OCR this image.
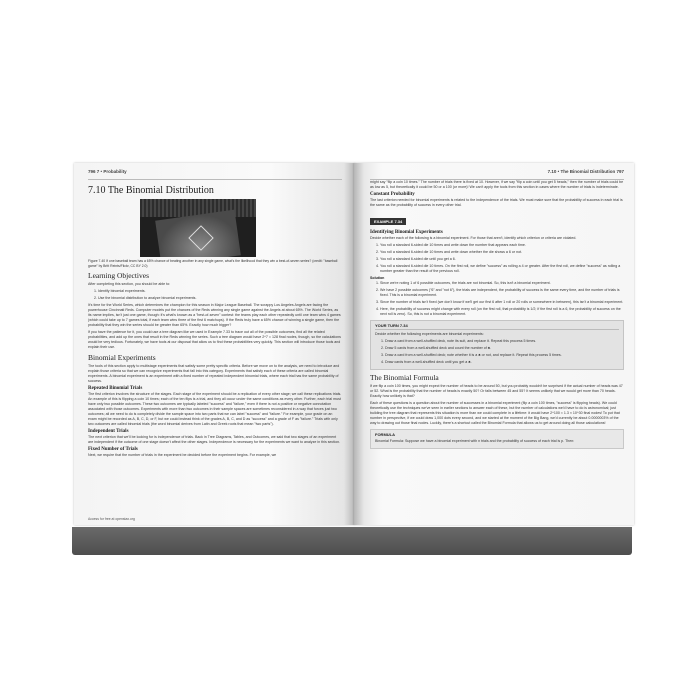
796 7 • Probability
7.10 The Binomial Distribution

Figure 7.40 If one baseball team has a 65% chance of beating another in any single game, what's the likelihood that they win a best-of-seven series? (credit: "baseball game" by Britt Reints/Flickr, CC BY 2.0)

Learning Objectives

After completing this section, you should be able to:

1. Identify binomial experiments.
2. Use the binomial distribution to analyze binomial experiments.

It's time for the World Series, which determines the champion for this season in Major League Baseball. The scrappy Los Angeles Angels are facing the powerhouse Cincinnati Reds. Computer models put the chances of the Reds winning any single game against the Angels at about 65%. The World Series, as its name implies, isn't just one game, though: it's what's known as a "best-of-seven" contest: the teams play each other repeatedly until one team wins 4 games (which could take up to 7 games total, if each team wins three of the first 6 matchups). If the Reds truly have a 65% chance of winning a single game, then the probability that they win the series should be greater than 65%. Exactly how much bigger?

If you have the patience for it, you could use a tree diagram like we used in Example 7.33 to trace out all of the possible outcomes, find all the related probabilities, and add up the ones that result in the Reds winning the series. Such a tree diagram would have 2^7 = 128 final nodes, though, so the calculations would be very tedious. Fortunately, we have tools at our disposal that allow us to find these probabilities very quickly. This section will introduce those tools and explain their use.

Binomial Experiments

The tools of this section apply to multistage experiments that satisfy some pretty specific criteria. Before we move on to the analysis, we need to introduce and explain those criteria so that we can recognize experiments that fall into this category. Experiments that satisfy each of these criteria are called binomial experiments. A binomial experiment is an experiment with a fixed number of repeated independent binomial trials, where each trial has the same probability of success.

Repeated Binomial Trials

The first criterion involves the structure of the stages. Each stage of the experiment should be a replication of every other stage; we call these replications trials. An example of this is flipping a coin 10 times; each of the ten flips is a trial, and they all occur under the same conditions as every other. Further, each trial must have only two possible outcomes. These two outcomes are typically labeled "success" and "failure," even if there is not a positive or negative connotation associated with those outcomes. Experiments with more than two outcomes in their sample spaces are sometimes reconsidered in a way that forces just two outcomes; all we need to do is completely divide the sample space into two parts that we can label "success" and "failure." For example, your grade on an exam might be recorded as A, B, C, D, or F, but we could instead think of the grades A, B, C, and D as "success" and a grade of F as "failure." Trials with only two outcomes are called binomial trials (the word binomial derives from Latin and Greek roots that mean "two parts").

Independent Trials

The next criterion that we'll be looking for is independence of trials. Back in Tree Diagrams, Tables, and Outcomes, we said that two stages of an experiment are independent if the outcome of one stage doesn't affect the other stages. Independence is necessary for the experiments we want to analyze in this section.

Fixed Number of Trials

Next, we require that the number of trials in the experiment be decided before the experiment begins. For example, we

Access for free at openstax.org
7.10 • The Binomial Distribution 797

might say "flip a coin 10 times." The number of trials there is fixed at 10. However, if we say "flip a coin until you get 5 heads," then the number of trials could be as low as 5, but theoretically it could be 50 or a 100 (or more)! We can't apply the tools from this section in cases where the number of trials is indeterminate.

Constant Probability

The last criterion needed for binomial experiments is related to the independence of the trials. We must make sure that the probability of success in each trial is the same as the probability of success in every other trial.

EXAMPLE 7.34
Identifying Binomial Experiments

Decide whether each of the following is a binomial experiment. For those that aren't, identify which criterion or criteria are violated.

1. You roll a standard 6-sided die 10 times and write down the number that appears each time.
2. You roll a standard 6-sided die 10 times and write down whether the die shows a 6 or not.
3. You roll a standard 6-sided die until you get a 6.
4. You roll a standard 6-sided die 10 times. On the first roll, we define "success" as rolling a 4 or greater. After the first roll, we define "success" as rolling a number greater than the result of the previous roll.
Solution
1. Since we're noting 1 of 6 possible outcomes, the trials are not binomial. So, this isn't a binomial experiment.
2. We have 2 possible outcomes ("6" and "not 6"), the trials are independent, the probability of success is the same every time, and the number of trials is fixed. This is a binomial experiment.
3. Since the number of trials isn't fixed (we don't know if we'll get our first 6 after 1 roll or 20 rolls or somewhere in between), this isn't a binomial experiment.
4. Here, the probability of success might change with every roll (on the first roll, that probability is 1/2; if the first roll is a 6, the probability of success on the next roll is zero). So, this is not a binomial experiment.
YOUR TURN 7.34

Decide whether the following experiments are binomial experiments:

1. Draw a card from a well-shuffled deck, note its suit, and replace it. Repeat this process 5 times.
2. Draw 5 cards from a well-shuffled deck and count the number of ♣.
3. Draw a card from a well-shuffled deck; note whether it is a ♣ or not, and replace it. Repeat this process 5 times.
4. Draw cards from a well-shuffled deck until you get a ♣.
The Binomial Formula

If we flip a coin 100 times, you might expect the number of heads to be around 50, but you probably wouldn't be surprised if the actual number of heads was 47 or 52. What is the probability that the number of heads is exactly 50? Or falls between 45 and 55? It seems unlikely that we would get more than 70 heads. Exactly how unlikely is that?

Each of these questions is a question about the number of successes in a binomial experiment (flip a coin 100 times, "success" is flipping heads). We could theoretically use the techniques we've seen in earlier sections to answer each of these, but the number of calculations we'd have to do is astronomical; just building the tree diagram that represents this situation is more than we could complete in a lifetime: it would have 2^100 ≈ 1.3 × 10^30 final nodes! To put that number in perspective, if we could draw 1,000 dots every second, and we started at the moment of the Big Bang, we'd currently be about 0.0000003% of the way to drawing out those final nodes. Luckily, there's a shortcut called the Binomial Formula that allows us to get around doing all those calculations!

FORMULA

Binomial Formula: Suppose we have a binomial experiment with n trials and the probability of success of each trial is p. Then:
